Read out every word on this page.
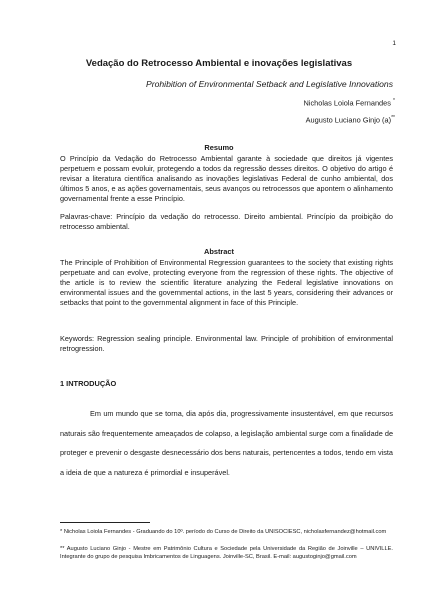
1
Vedação do Retrocesso Ambiental e inovações legislativas
Prohibition of Environmental Setback and Legislative Innovations
Nicholas Loiola Fernandes *
Augusto Luciano Ginjo (a)**
Resumo

O Princípio da Vedação do Retrocesso Ambiental garante à sociedade que direitos já vigentes perpetuem e possam evoluir, protegendo a todos da regressão desses direitos. O objetivo do artigo é revisar a literatura científica analisando as inovações legislativas Federal de cunho ambiental, dos últimos 5 anos, e as ações governamentais, seus avanços ou retrocessos que apontem o alinhamento governamental frente a esse Princípio.

Palavras-chave: Princípio da vedação do retrocesso. Direito ambiental. Princípio da proibição do retrocesso ambiental.

Abstract

The Principle of Prohibition of Environmental Regression guarantees to the society that existing rights perpetuate and can evolve, protecting everyone from the regression of these rights. The objective of the article is to review the scientific literature analyzing the Federal legislative innovations on environmental issues and the governmental actions, in the last 5 years, considering their advances or setbacks that point to the governmental alignment in face of this Principle.

Keywords: Regression sealing principle. Environmental law. Principle of prohibition of environmental retrogression.

1 INTRODUÇÃO

Em um mundo que se torna, dia após dia, progressivamente insustentável, em que recursos naturais são frequentemente ameaçados de colapso, a legislação ambiental surge com a finalidade de proteger e prevenir o desgaste desnecessário dos bens naturais, pertencentes a todos, tendo em vista a ideia de que a natureza é primordial e insuperável.

* Nicholas Loiola Fernandes - Graduando do 10º. período do Curso de Direito da UNISOCIESC, nicholasfernandez@hotmail.com

** Augusto Luciano Ginjo - Mestre em Patrimônio Cultura e Sociedade pela Universidade da Região de Joinville – UNIVILLE. Integrante do grupo de pesquisa Imbricamentos de Linguagens. Joinville-SC, Brasil. E-mail: augustoginjo@gmail.com
